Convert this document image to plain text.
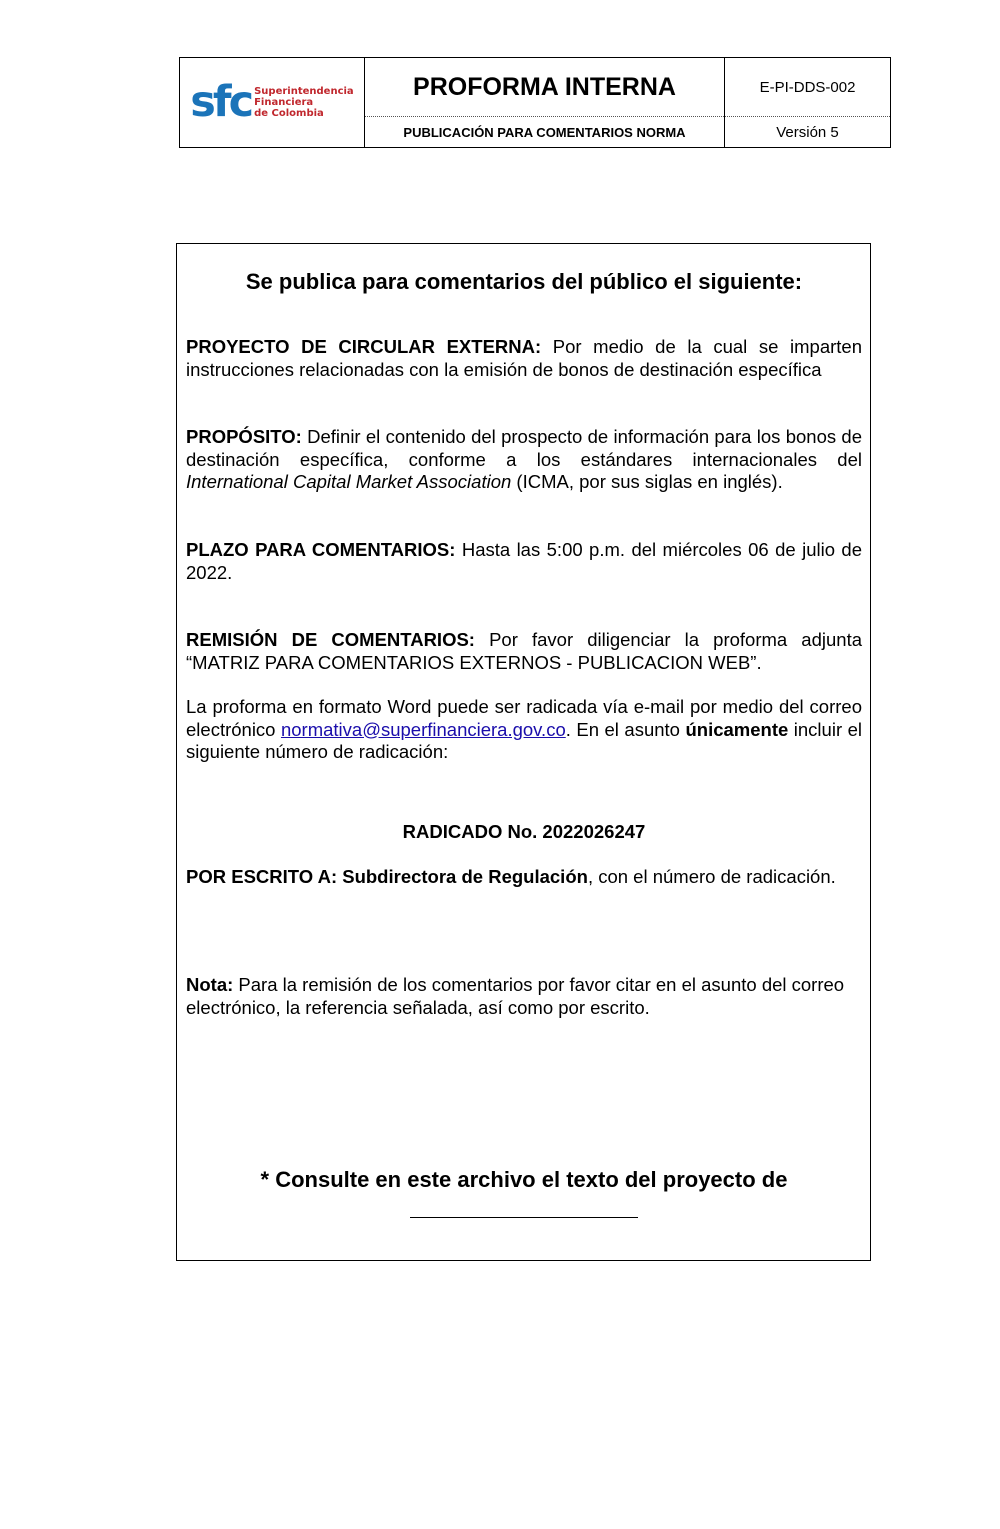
sfc Superintendencia
Financiera
de Colombia
PROFORMA INTERNA
PUBLICACIÓN PARA COMENTARIOS NORMA
E-PI-DDS-002
Versión 5
Se publica para comentarios del público el siguiente:
PROYECTO DE CIRCULAR EXTERNA: Por medio de la cual se imparten instrucciones relacionadas con la emisión de bonos de destinación específica
PROPÓSITO: Definir el contenido del prospecto de información para los bonos de destinación específica, conforme a los estándares internacionales del International Capital Market Association (ICMA, por sus siglas en inglés).
PLAZO PARA COMENTARIOS: Hasta las 5:00 p.m. del miércoles 06 de julio de 2022.
REMISIÓN DE COMENTARIOS: Por favor diligenciar la proforma adjunta “MATRIZ PARA COMENTARIOS EXTERNOS - PUBLICACION WEB”.
La proforma en formato Word puede ser radicada vía e-mail por medio del correo electrónico normativa@superfinanciera.gov.co. En el asunto únicamente incluir el siguiente número de radicación:
RADICADO No. 2022026247
POR ESCRITO A: Subdirectora de Regulación, con el número de radicación.
Nota: Para la remisión de los comentarios por favor citar en el asunto del correo electrónico, la referencia señalada, así como por escrito.
* Consulte en este archivo el texto del proyecto de
